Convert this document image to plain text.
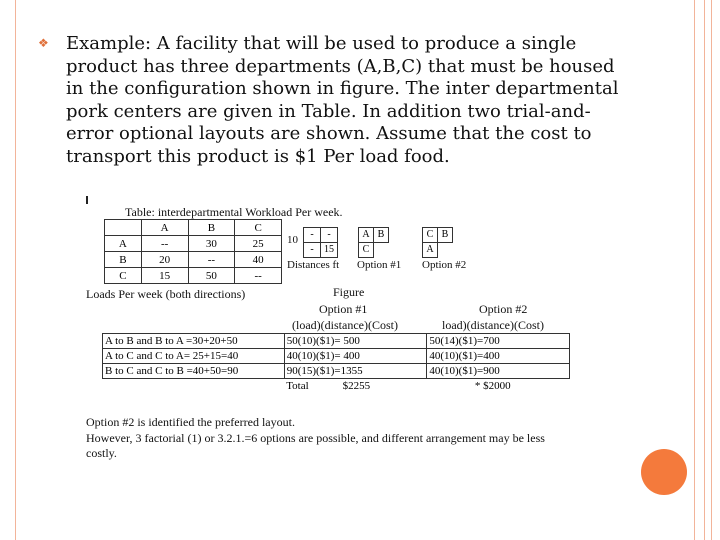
❖ Example: A facility that will be used to produce a single
product has three departments (A,B,C) that must be housed
in the configuration shown in figure. The inter departmental
pork centers are given in Table. In addition two trial-and-
error optional layouts are shown. Assume that the cost to
transport this product is $1 Per load food.
Table: interdepartmental Workload Per week.
	A	B	C
A	--	30	25
B	20	--	40
C	15	50	--
Loads Per week (both directions)
10	-	-
-	15
Distances ft
A B
C
Option #1
C B
A
Option #2
Figure
Option #1
(load)(distance)(Cost)
Option #2
load)(distance)(Cost)
A to B and B to A =30+20+50	50(10)($1)= 500	50(14)($1)=700
A to C and C to A= 25+15=40	40(10)($1)= 400	40(10)($1)=400
B to C and C to B =40+50=90	90(15)($1)=1355	40(10)($1)=900
	Total $2255	* $2000
Option #2 is identified the preferred layout.
However, 3 factorial (1) or 3.2.1.=6 options are possible, and different arrangement may be less
costly.
